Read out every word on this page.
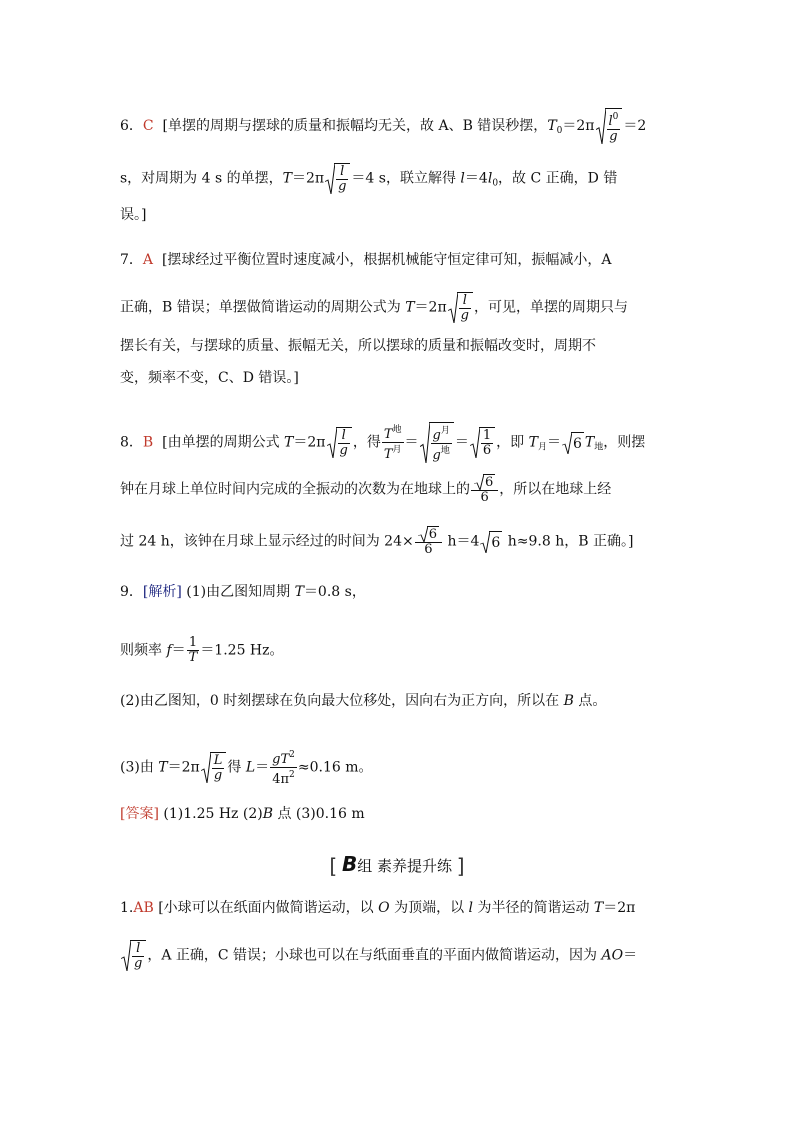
6．C [单摆的周期与摆球的质量和振幅均无关，故 A、B 错误秒摆，$T_0=2\pi \frac{l^0}{g} =2$
s，对周期为 4 s 的单摆，$T=2\pi \frac{l}{g} =4$ s，联立解得 $l=4l_0$，故 C 正确，D 错
误。]
7．A [摆球经过平衡位置时速度减小，根据机械能守恒定律可知，振幅减小，A
正确，B 错误；单摆做简谐运动的周期公式为 $T=2\pi \frac{l}{g}$ ，可见，单摆的周期只与
摆长有关，与摆球的质量、振幅无关，所以摆球的质量和振幅改变时，周期不
变，频率不变，C、D 错误。]
8．B [由单摆的周期公式 $T=2\pi \frac{l}{g}$ ，得 $\frac{T^地}{T^月} = \frac{g^月}{g^地} = \frac{1}{6}$ ，即 $T_月= 6$ $T_地$，则摆
钟在月球上单位时间内完成的全振动的次数为在地球上的 $\frac{6}{6}$ ，所以在地球上经
过 24 h，该钟在月球上显示经过的时间为 $24\times \frac{6}{6} h=4$ 6 h≈9.8 h，B 正确。]
9．[解析] (1)由乙图知周期 T＝0.8 s，
则频率 $f= \frac{1}{T} =1.25$ Hz。
(2)由乙图知，0 时刻摆球在负向最大位移处，因向右为正方向，所以在 B 点。
(3)由 $T=2\pi \frac{L}{g}$ 得 $L= \frac{gT^2}{4\pi^2} \approx 0.16$ m。
[答案] (1)1.25 Hz (2)B 点 (3)0.16 m
[ B组 素养提升练 ]
1.AB [小球可以在纸面内做简谐运动，以 O 为顶端，以 l 为半径的简谐运动 T＝2π
$\frac{l}{g}$ ，A 正确，C 错误；小球也可以在与纸面垂直的平面内做简谐运动，因为 AO＝
